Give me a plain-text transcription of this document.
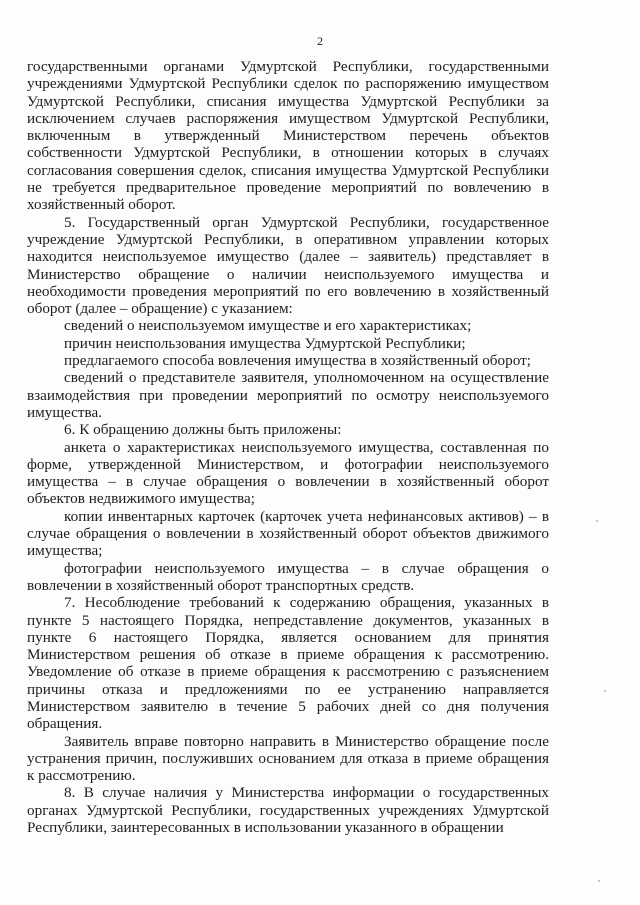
2

государственными органами Удмуртской Республики, государственными учреждениями Удмуртской Республики сделок по распоряжению имуществом Удмуртской Республики, списания имущества Удмуртской Республики за исключением случаев распоряжения имуществом Удмуртской Республики, включенным в утвержденный Министерством перечень объектов собственности Удмуртской Республики, в отношении которых в случаях согласования совершения сделок, списания имущества Удмуртской Республики не требуется предварительное проведение мероприятий по вовлечению в хозяйственный оборот.

5. Государственный орган Удмуртской Республики, государственное учреждение Удмуртской Республики, в оперативном управлении которых находится неиспользуемое имущество (далее – заявитель) представляет в Министерство обращение о наличии неиспользуемого имущества и необходимости проведения мероприятий по его вовлечению в хозяйственный оборот (далее – обращение) с указанием:

сведений о неиспользуемом имуществе и его характеристиках;

причин неиспользования имущества Удмуртской Республики;

предлагаемого способа вовлечения имущества в хозяйственный оборот;

сведений о представителе заявителя, уполномоченном на осуществление взаимодействия при проведении мероприятий по осмотру неиспользуемого имущества.

6. К обращению должны быть приложены:

анкета о характеристиках неиспользуемого имущества, составленная по форме, утвержденной Министерством, и фотографии неиспользуемого имущества – в случае обращения о вовлечении в хозяйственный оборот объектов недвижимого имущества;

копии инвентарных карточек (карточек учета нефинансовых активов) – в случае обращения о вовлечении в хозяйственный оборот объектов движимого имущества;

фотографии неиспользуемого имущества – в случае обращения о вовлечении в хозяйственный оборот транспортных средств.

7. Несоблюдение требований к содержанию обращения, указанных в пункте 5 настоящего Порядка, непредставление документов, указанных в пункте 6 настоящего Порядка, является основанием для принятия Министерством решения об отказе в приеме обращения к рассмотрению. Уведомление об отказе в приеме обращения к рассмотрению с разъяснением причины отказа и предложениями по ее устранению направляется Министерством заявителю в течение 5 рабочих дней со дня получения обращения.

Заявитель вправе повторно направить в Министерство обращение после устранения причин, послуживших основанием для отказа в приеме обращения к рассмотрению.

8. В случае наличия у Министерства информации о государственных органах Удмуртской Республики, государственных учреждениях Удмуртской Республики, заинтересованных в использовании указанного в обращении
